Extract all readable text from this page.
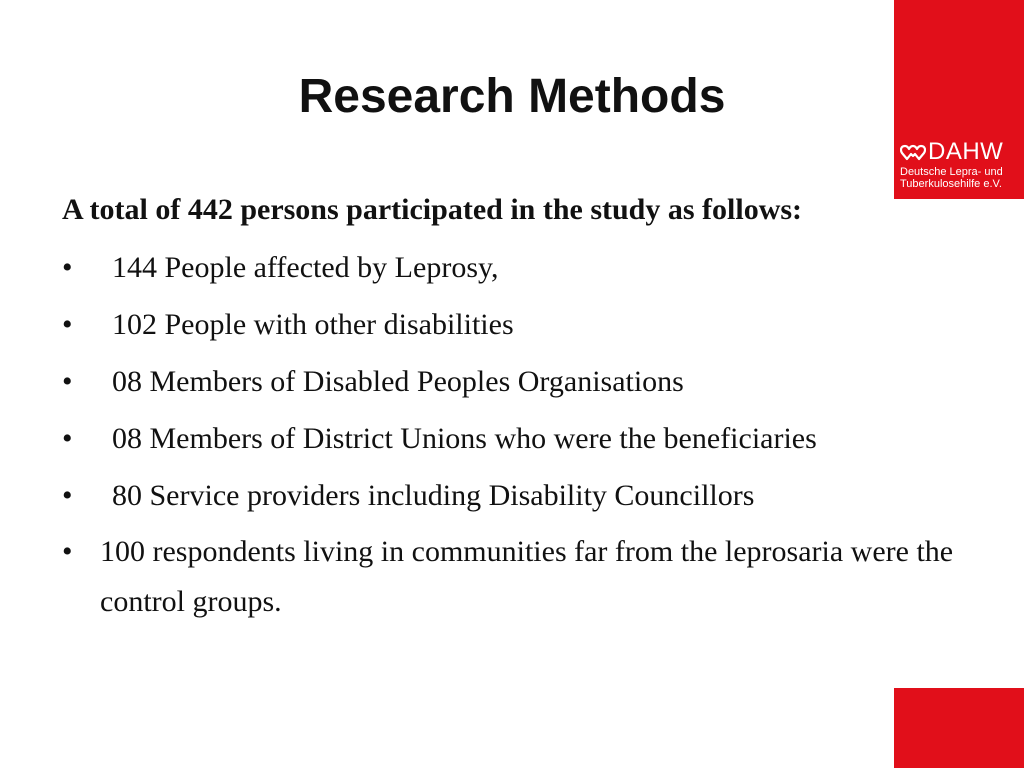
DAHW
Deutsche Lepra- und
Tuberkulosehilfe e.V.
Research Methods

A total of 442 persons participated in the study as follows:

•	144 People affected by Leprosy,
•	102 People with other disabilities
•	08 Members of Disabled Peoples Organisations
•	08 Members of District Unions who were the beneficiaries
•	80 Service providers including Disability Councillors
• 100 respondents living in communities far from the leprosaria were the control groups.
